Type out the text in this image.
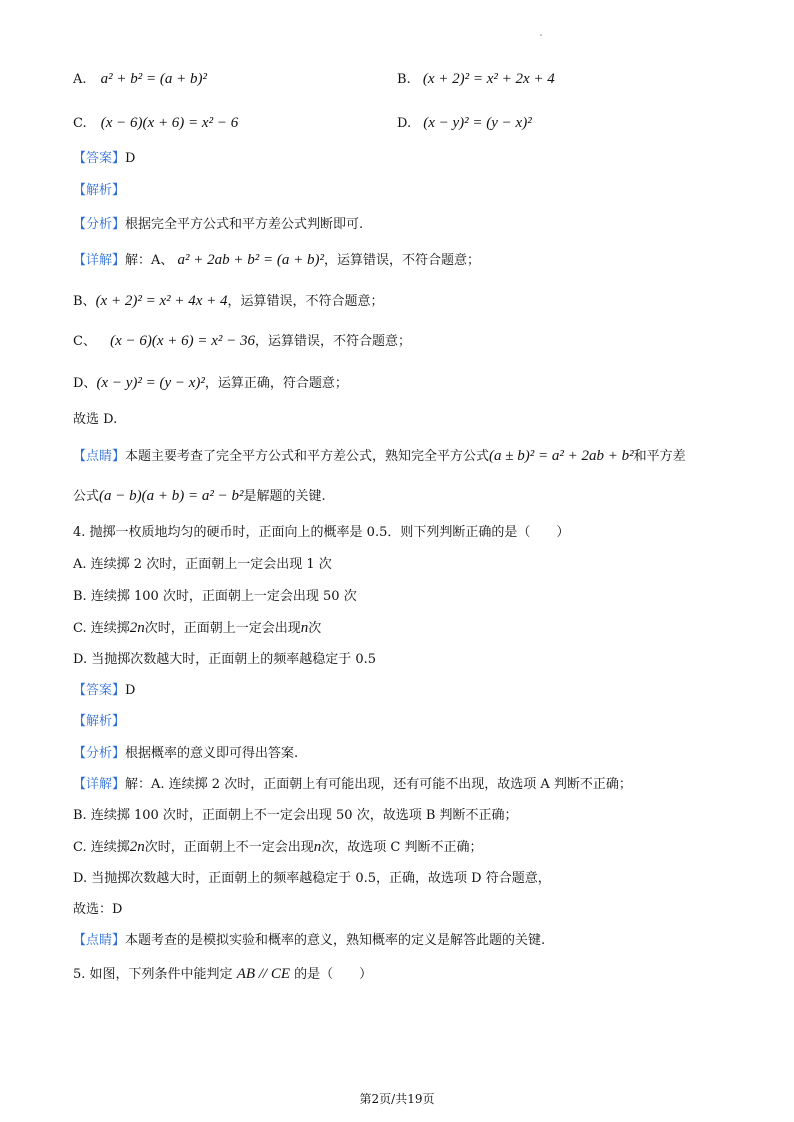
A. a² + b² = (a + b)²	B. (x + 2)² = x² + 2x + 4
C. (x − 6)(x + 6) = x² − 6	D. (x − y)² = (y − x)²
【答案】D
【解析】
【分析】根据完全平方公式和平方差公式判断即可.
【详解】解：A、 a² + 2ab + b² = (a + b)²，运算错误，不符合题意；
B、(x + 2)² = x² + 4x + 4，运算错误，不符合题意；
C、 (x − 6)(x + 6) = x² − 36，运算错误，不符合题意；
D、(x − y)² = (y − x)²，运算正确，符合题意；
故选 D.
【点睛】本题主要考查了完全平方公式和平方差公式，熟知完全平方公式(a ± b)² = a² + 2ab + b²和平方差
公式(a − b)(a + b) = a² − b²是解题的关键.
4. 抛掷一枚质地均匀的硬币时，正面向上的概率是 0.5．则下列判断正确的是（　　）
A. 连续掷 2 次时，正面朝上一定会出现 1 次
B. 连续掷 100 次时，正面朝上一定会出现 50 次
C. 连续掷2n次时，正面朝上一定会出现n次
D. 当抛掷次数越大时，正面朝上的频率越稳定于 0.5
【答案】D
【解析】
【分析】根据概率的意义即可得出答案.
【详解】解：A. 连续掷 2 次时，正面朝上有可能出现，还有可能不出现，故选项 A 判断不正确；
B. 连续掷 100 次时，正面朝上不一定会出现 50 次，故选项 B 判断不正确；
C. 连续掷2n次时，正面朝上不一定会出现n次，故选项 C 判断不正确；
D. 当抛掷次数越大时，正面朝上的频率越稳定于 0.5，正确，故选项 D 符合题意，
故选：D
【点睛】本题考查的是模拟实验和概率的意义，熟知概率的定义是解答此题的关键.
5. 如图，下列条件中能判定 AB // CE 的是（　　）
第2页/共19页
